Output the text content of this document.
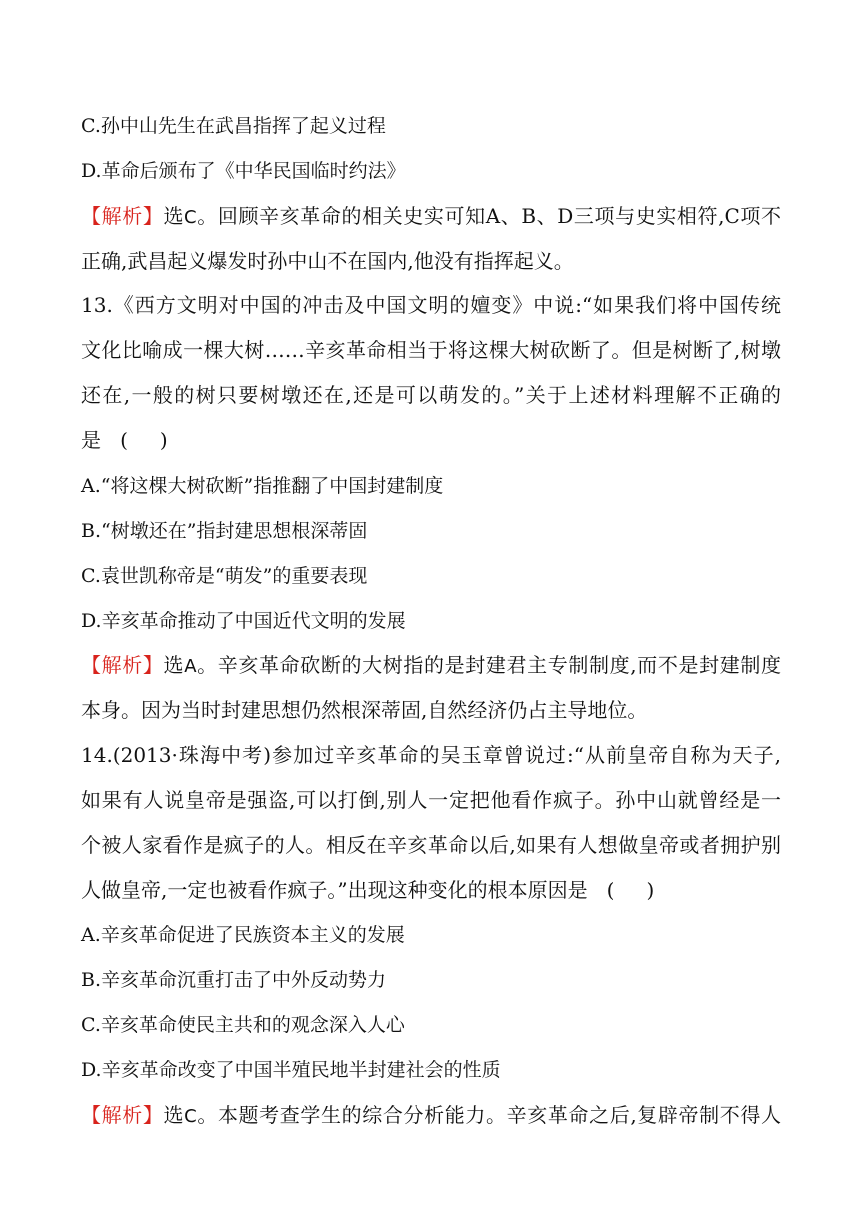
C.孙中山先生在武昌指挥了起义过程
D.革命后颁布了《中华民国临时约法》
【解析】选C。回顾辛亥革命的相关史实可知A、B、D三项与史实相符,C项不
正确,武昌起义爆发时孙中山不在国内,他没有指挥起义。
13.《西方文明对中国的冲击及中国文明的嬗变》中说:“如果我们将中国传统
文化比喻成一棵大树……辛亥革命相当于将这棵大树砍断了。但是树断了,树墩
还在,一般的树只要树墩还在,还是可以萌发的。”关于上述材料理解不正确的
是 ( )
A.“将这棵大树砍断”指推翻了中国封建制度
B.“树墩还在”指封建思想根深蒂固
C.袁世凯称帝是“萌发”的重要表现
D.辛亥革命推动了中国近代文明的发展
【解析】选A。辛亥革命砍断的大树指的是封建君主专制制度,而不是封建制度
本身。因为当时封建思想仍然根深蒂固,自然经济仍占主导地位。
14.(2013·珠海中考)参加过辛亥革命的吴玉章曾说过:“从前皇帝自称为天子,
如果有人说皇帝是强盗,可以打倒,别人一定把他看作疯子。孙中山就曾经是一
个被人家看作是疯子的人。相反在辛亥革命以后,如果有人想做皇帝或者拥护别
人做皇帝,一定也被看作疯子。”出现这种变化的根本原因是 ( )
A.辛亥革命促进了民族资本主义的发展
B.辛亥革命沉重打击了中外反动势力
C.辛亥革命使民主共和的观念深入人心
D.辛亥革命改变了中国半殖民地半封建社会的性质
【解析】选C。本题考查学生的综合分析能力。辛亥革命之后,复辟帝制不得人
